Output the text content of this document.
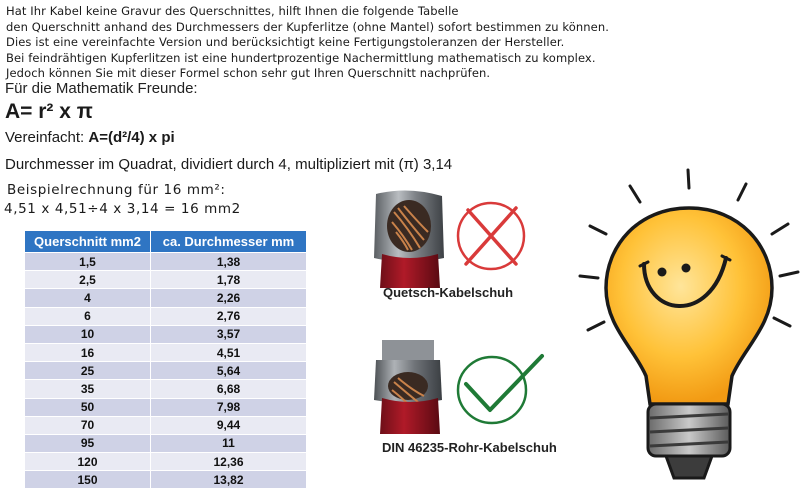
Hat Ihr Kabel keine Gravur des Querschnittes, hilft Ihnen die folgende Tabelle
den Querschnitt anhand des Durchmessers der Kupferlitze (ohne Mantel) sofort bestimmen zu können.
Dies ist eine vereinfachte Version und berücksichtigt keine Fertigungstoleranzen der Hersteller.
Bei feindrähtigen Kupferlitzen ist eine hundertprozentige Nachermittlung mathematisch zu komplex.
Jedoch können Sie mit dieser Formel schon sehr gut Ihren Querschnitt nachprüfen.
Für die Mathematik Freunde:
A= r² x π
Vereinfacht: A=(d²/4) x pi
Durchmesser im Quadrat, dividiert durch 4, multipliziert mit (π) 3,14
Beispielrechnung für 16 mm²:
4,51 x 4,51÷4 x 3,14 = 16 mm2
Querschnitt mm2	ca. Durchmesser mm
1,5	1,38
2,5	1,78
4	2,26
6	2,76
10	3,57
16	4,51
25	5,64
35	6,68
50	7,98
70	9,44
95	11
120	12,36
150	13,82
Quetsch-Kabelschuh
DIN 46235-Rohr-Kabelschuh
